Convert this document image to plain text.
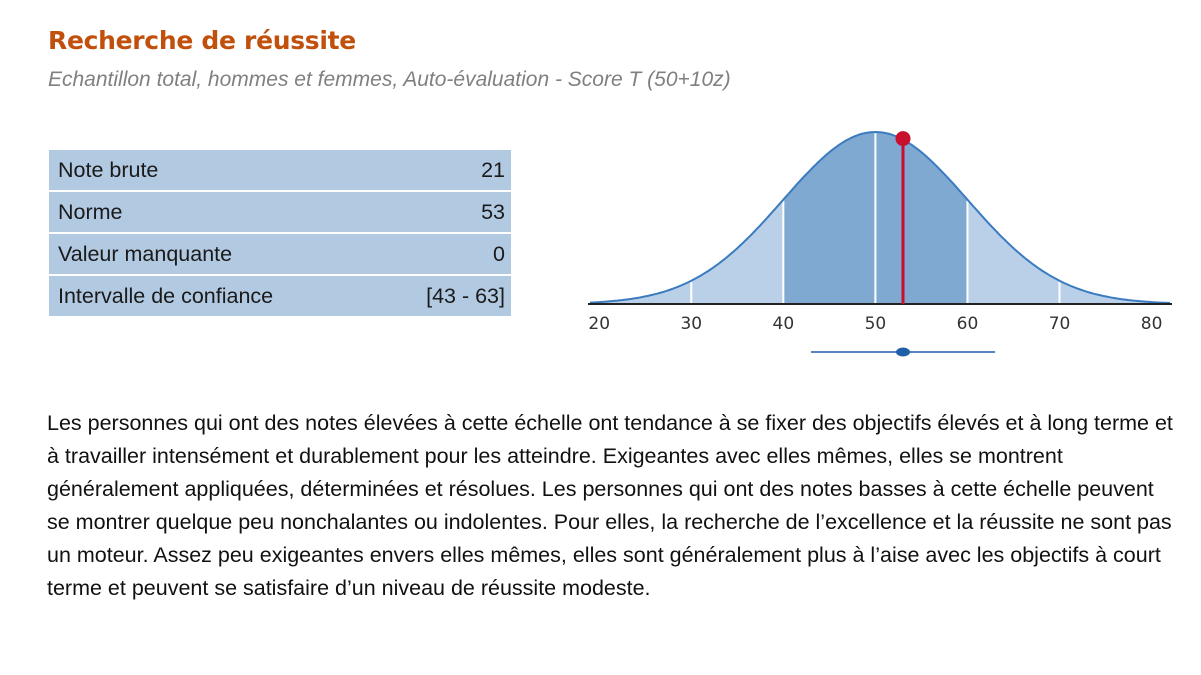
Recherche de réussite
Echantillon total, hommes et femmes, Auto-évaluation - Score T (50+10z)
Note brute	21
Norme	53
Valeur manquante	0
Intervalle de confiance	[43 - 63]
20	30	40	50	60	70	80

Les personnes qui ont des notes élevées à cette échelle ont tendance à se fixer des objectifs élevés et à long terme et à travailler intensément et durablement pour les atteindre. Exigeantes avec elles mêmes, elles se montrent généralement appliquées, déterminées et résolues. Les personnes qui ont des notes basses à cette échelle peuvent se montrer quelque peu nonchalantes ou indolentes. Pour elles, la recherche de l’excellence et la réussite ne sont pas un moteur. Assez peu exigeantes envers elles mêmes, elles sont généralement plus à l’aise avec les objectifs à court terme et peuvent se satisfaire d’un niveau de réussite modeste.
